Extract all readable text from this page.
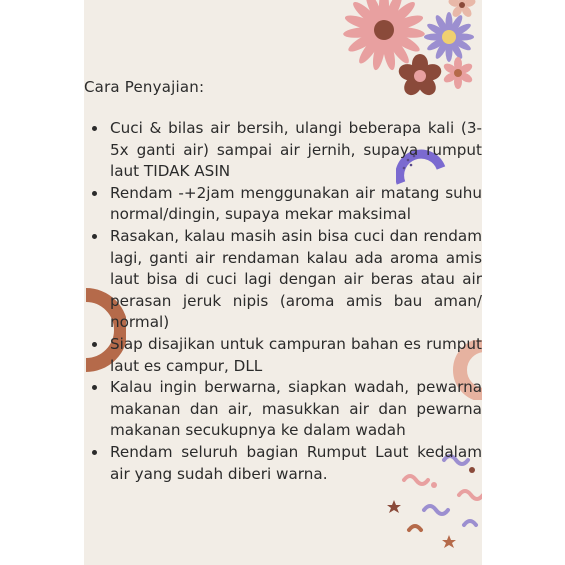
Cara Penyajian:
Cuci & bilas air bersih, ulangi beberapa kali (3-5x ganti air) sampai air jernih, supaya rumput laut TIDAK ASIN
Rendam -+2jam menggunakan air matang suhu normal/dingin, supaya mekar maksimal
Rasakan, kalau masih asin bisa cuci dan rendam lagi, ganti air rendaman kalau ada aroma amis laut bisa di cuci lagi dengan air beras atau air perasan jeruk nipis (aroma amis bau aman/ normal)
Siap disajikan untuk campuran bahan es rumput laut es campur, DLL
Kalau ingin berwarna, siapkan wadah, pewarna makanan dan air, masukkan air dan pewarna makanan secukupnya ke dalam wadah
Rendam seluruh bagian Rumput Laut kedalam air yang sudah diberi warna.
